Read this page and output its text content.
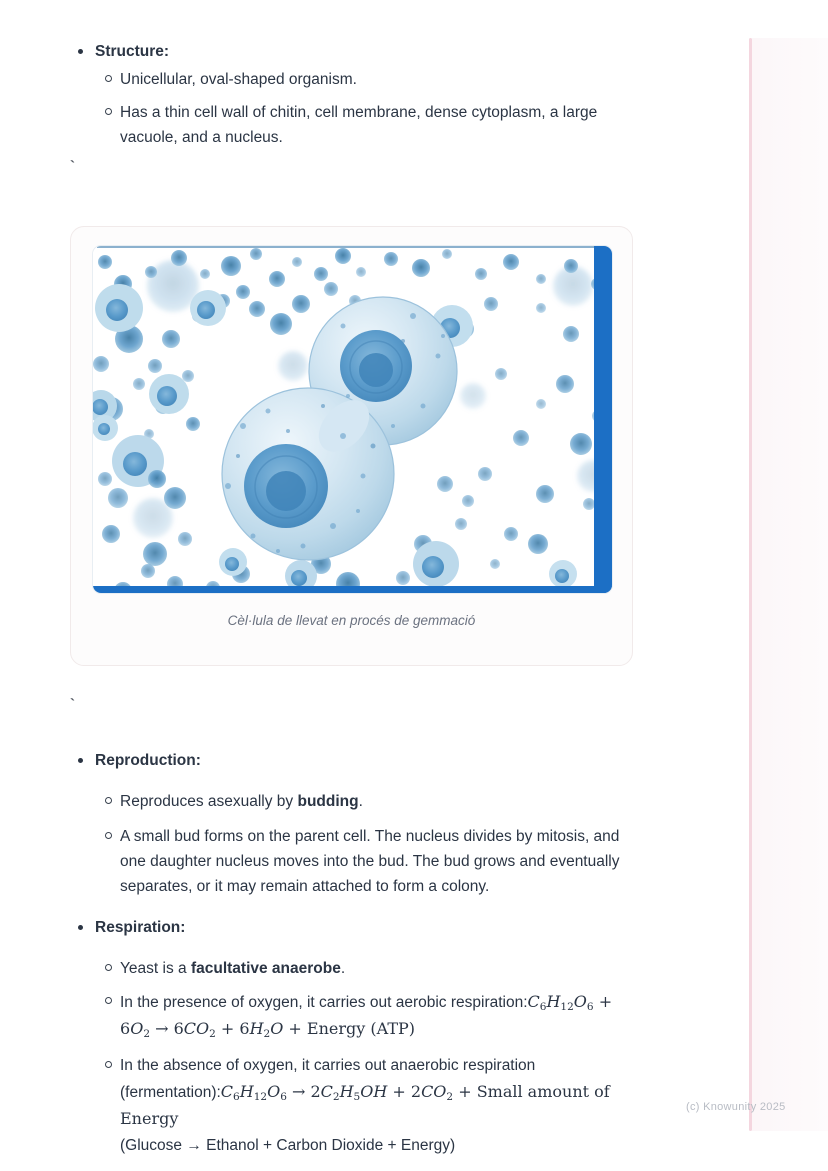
Structure:
Unicellular, oval-shaped organism.
Has a thin cell wall of chitin, cell membrane, dense cytoplasm, a large vacuole, and a nucleus.
`
Cèl·lula de llevat en procés de gemmació
`
Reproduction:
Reproduces asexually by budding.
A small bud forms on the parent cell. The nucleus divides by mitosis, and one daughter nucleus moves into the bud. The bud grows and eventually separates, or it may remain attached to form a colony.
Respiration:
Yeast is a facultative anaerobe.
In the presence of oxygen, it carries out aerobic $respiration:C_6H_{12}O_6$ +
$6O_2 \to 6CO_2 + 6H_2O$ + Energy (ATP)
In the absence of oxygen, it carries out anaerobic respiration
$(fermentation):C_6H_{12}O_6 \to 2C_2H_5OH + 2CO_2$ + Small amount of Energy
(Glucose → Ethanol + Carbon Dioxide + Energy)
(c) Knowunity 2025
